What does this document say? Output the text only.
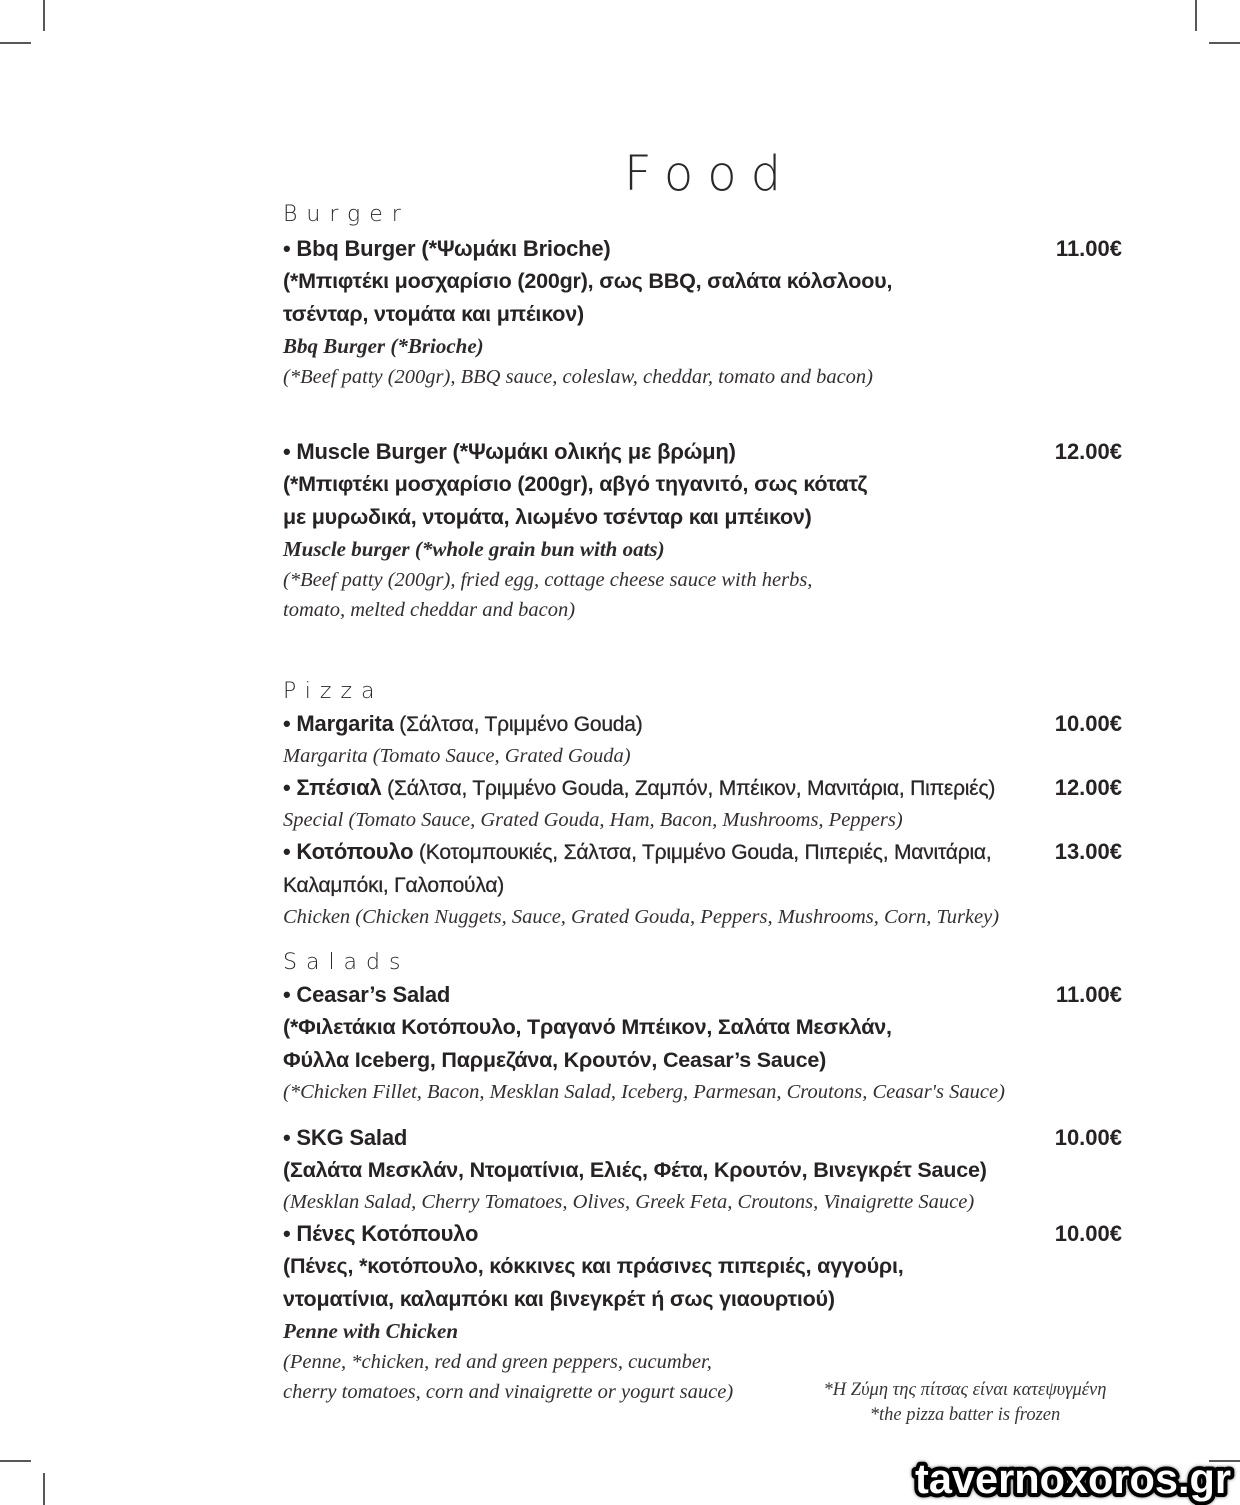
Food
Burger
• Bbq Burger (*Ψωμάκι Brioche)	11.00€
(*Μπιφτέκι μοσχαρίσιο (200gr), σως BBQ, σαλάτα κόλσλοου,
τσένταρ, ντομάτα και μπέικον)
Bbq Burger (*Brioche)
(*Beef patty (200gr), BBQ sauce, coleslaw, cheddar, tomato and bacon)
• Muscle Burger (*Ψωμάκι ολικής με βρώμη)	12.00€
(*Μπιφτέκι μοσχαρίσιο (200gr), αβγό τηγανιτό, σως κότατζ
με μυρωδικά, ντομάτα, λιωμένο τσένταρ και μπέικον)
Muscle burger (*whole grain bun with oats)
(*Beef patty (200gr), fried egg, cottage cheese sauce with herbs,
tomato, melted cheddar and bacon)
Pizza
• Margarita (Σάλτσα, Τριμμένο Gouda)	10.00€
Margarita (Tomato Sauce, Grated Gouda)
• Σπέσιαλ (Σάλτσα, Τριμμένο Gouda, Ζαμπόν, Μπέικον, Μανιτάρια, Πιπεριές)	12.00€
Special (Tomato Sauce, Grated Gouda, Ham, Bacon, Mushrooms, Peppers)
• Κοτόπουλο (Κοτομπουκιές, Σάλτσα, Τριμμένο Gouda, Πιπεριές, Μανιτάρια,	13.00€
Καλαμπόκι, Γαλοπούλα)
Chicken (Chicken Nuggets, Sauce, Grated Gouda, Peppers, Mushrooms, Corn, Turkey)
Salads
• Ceasar’s Salad	11.00€
(*Φιλετάκια Κοτόπουλο, Τραγανό Μπέικον, Σαλάτα Μεσκλάν,
Φύλλα Iceberg, Παρμεζάνα, Κρουτόν, Ceasar’s Sauce)
(*Chicken Fillet, Bacon, Mesklan Salad, Iceberg, Parmesan, Croutons, Ceasar's Sauce)
• SKG Salad	10.00€
(Σαλάτα Μεσκλάν, Ντοματίνια, Ελιές, Φέτα, Κρουτόν, Βινεγκρέτ Sauce)
(Mesklan Salad, Cherry Tomatoes, Olives, Greek Feta, Croutons, Vinaigrette Sauce)
• Πένες Κοτόπουλο	10.00€
(Πένες, *κοτόπουλο, κόκκινες και πράσινες πιπεριές, αγγούρι,
ντοματίνια, καλαμπόκι και βινεγκρέτ ή σως γιαουρτιού)
Penne with Chicken
(Penne, *chicken, red and green peppers, cucumber,
cherry tomatoes, corn and vinaigrette or yogurt sauce)	*Η Ζύμη της πίτσας είναι κατεψυγμένη
*the pizza batter is frozen
tavernoxoros.gr
